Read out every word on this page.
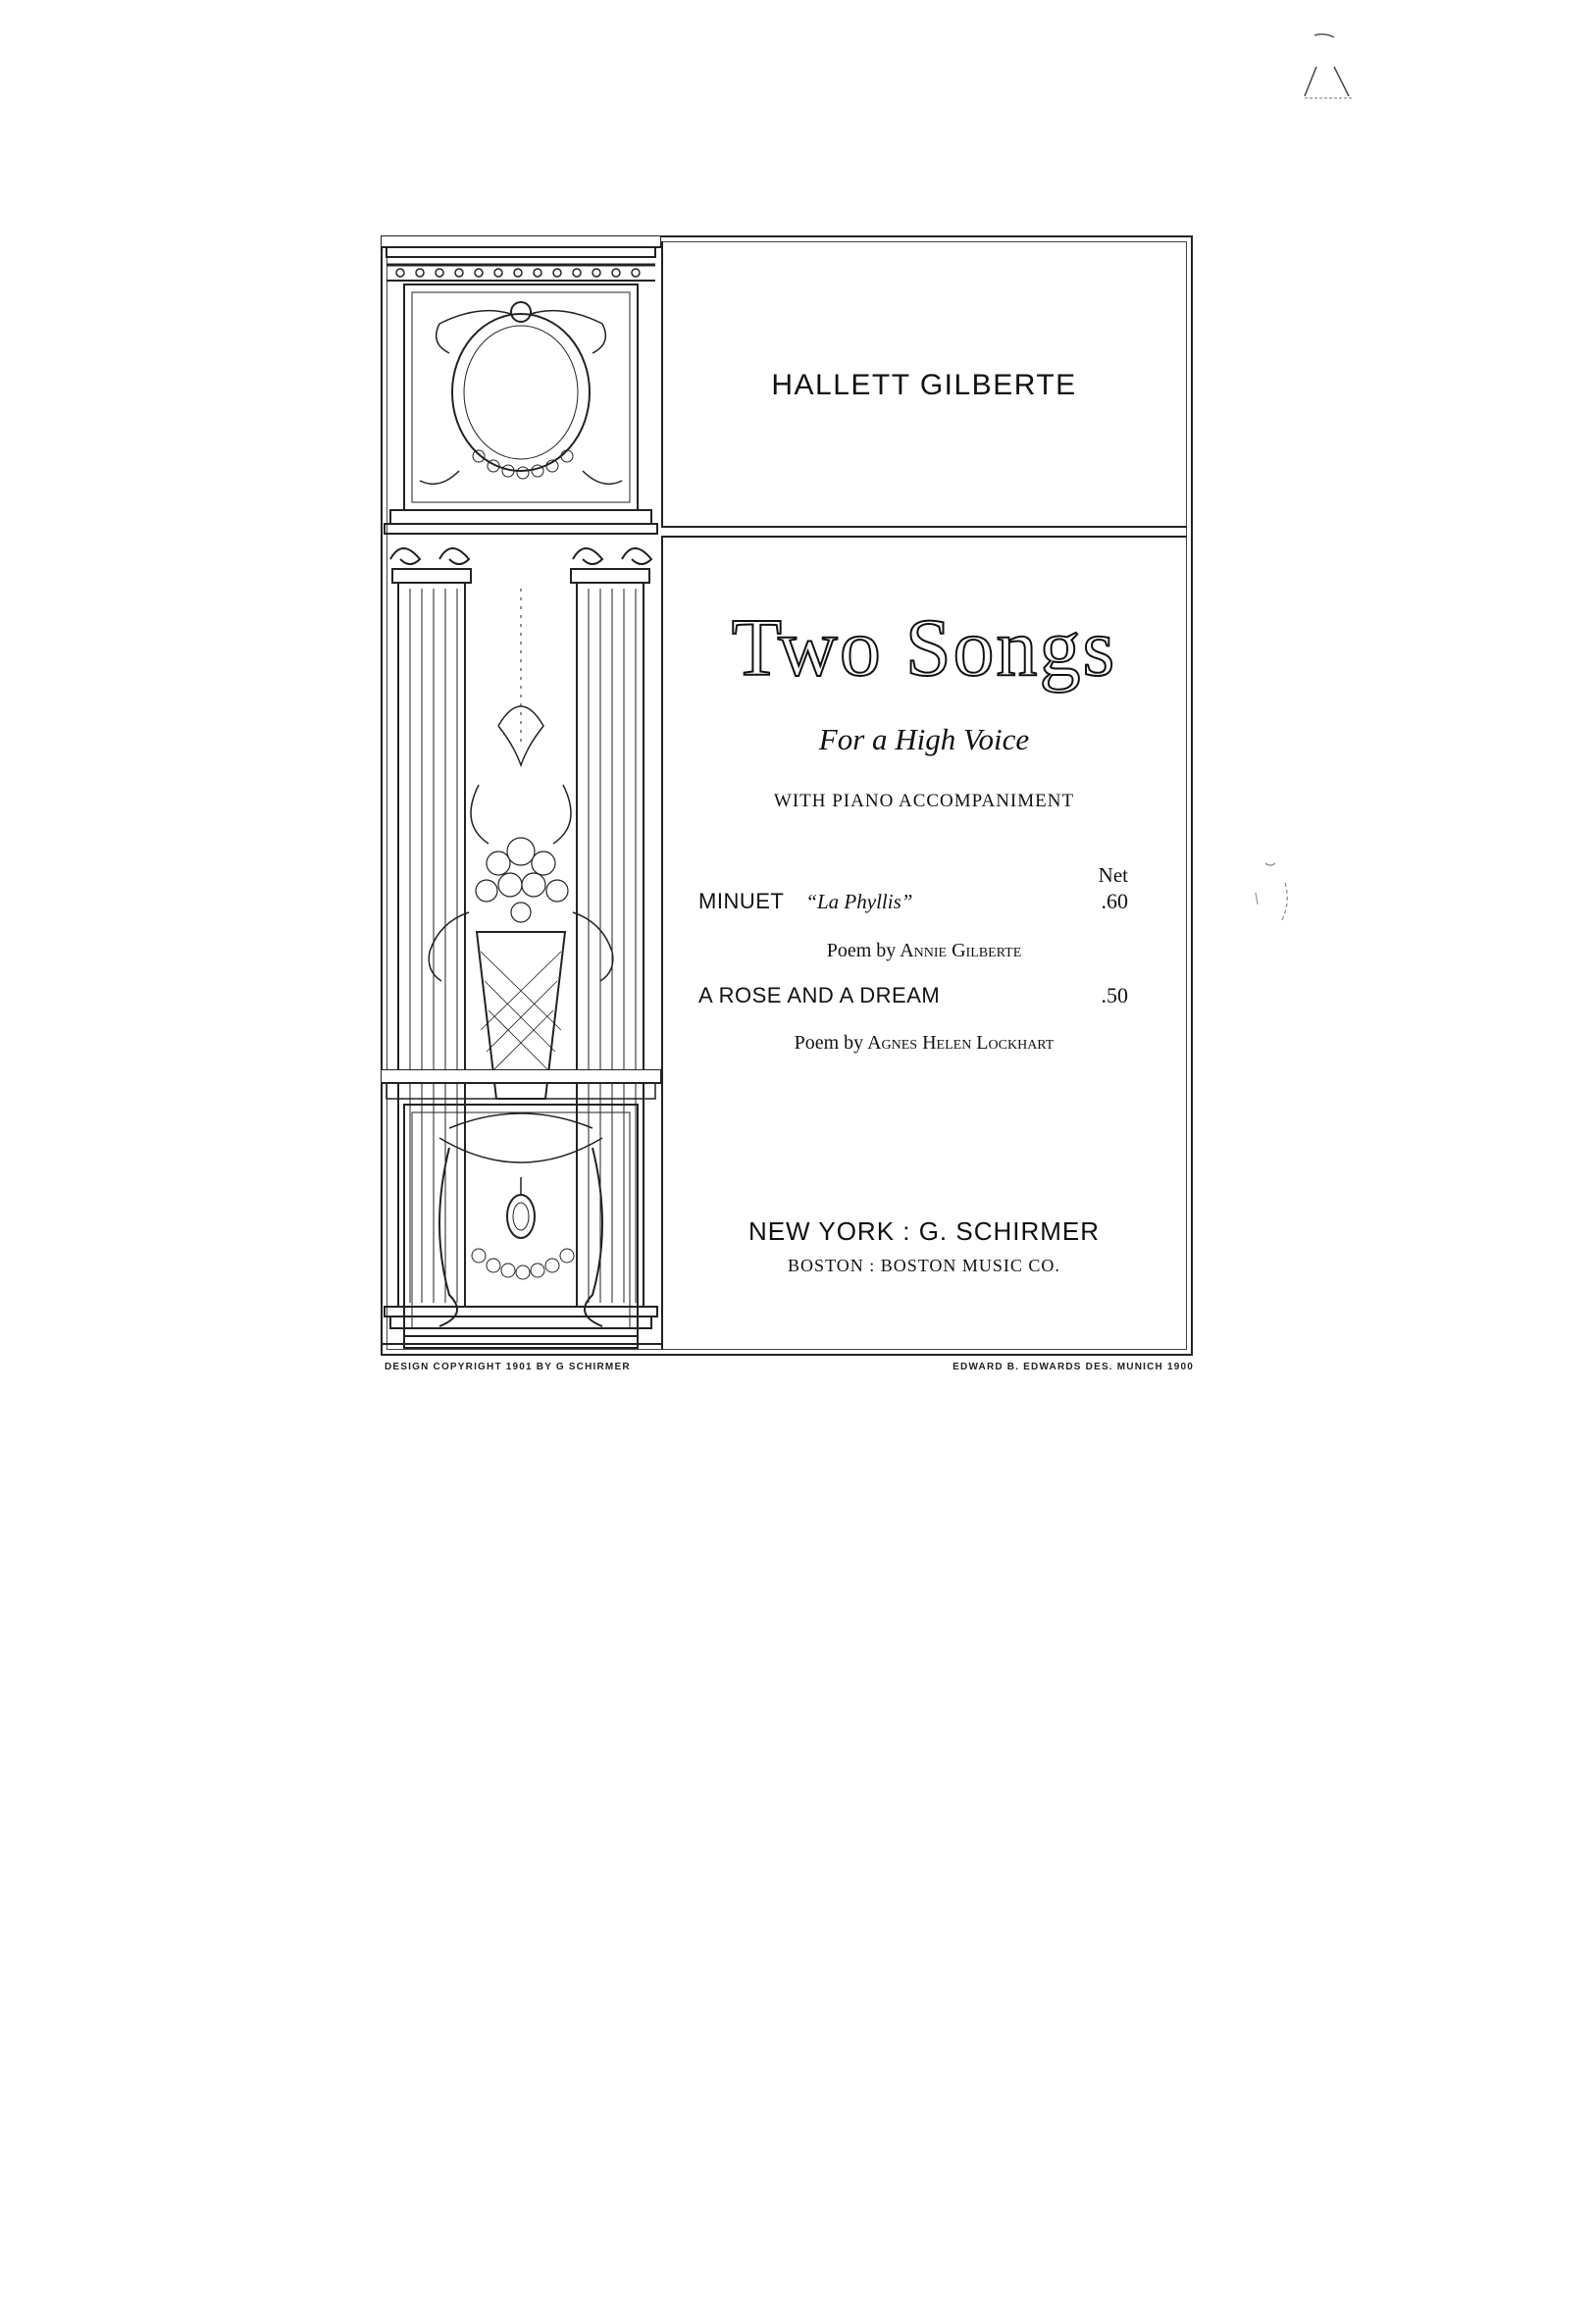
HALLETT GILBERTE
Two Songs
For a High Voice
WITH PIANO ACCOMPANIMENT
Net
MINUET “La Phyllis”	.60
Poem by Annie Gilberte
A ROSE AND A DREAM	.50
Poem by Agnes Helen Lockhart
NEW YORK : G. SCHIRMER
BOSTON : BOSTON MUSIC CO.
DESIGN COPYRIGHT 1901 BY G SCHIRMER	EDWARD B. EDWARDS DES. MUNICH 1900
